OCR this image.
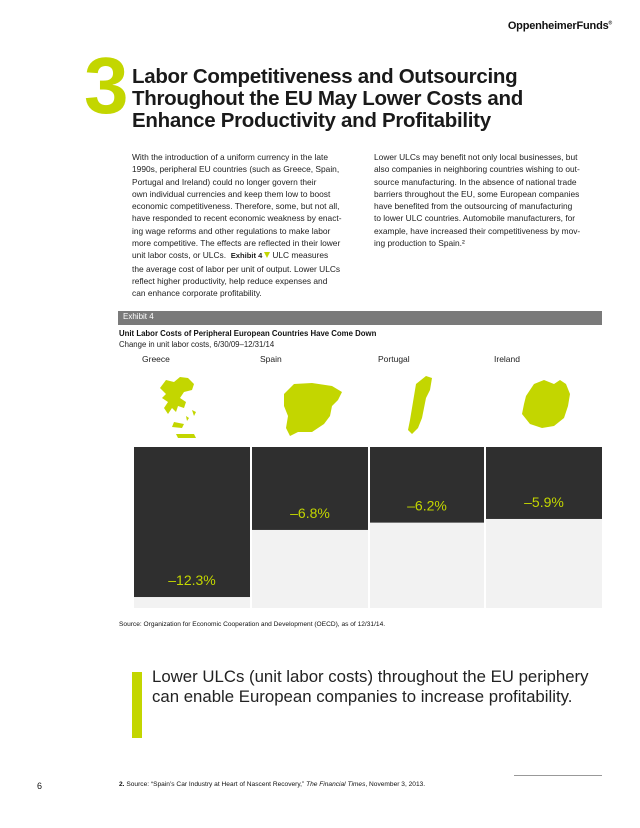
OppenheimerFunds®
3 Labor Competitiveness and Outsourcing Throughout the EU May Lower Costs and Enhance Productivity and Profitability
With the introduction of a uniform currency in the late
1990s, peripheral EU countries (such as Greece, Spain,
Portugal and Ireland) could no longer govern their
own individual currencies and keep them low to boost
economic competitiveness. Therefore, some, but not all,
have responded to recent economic weakness by enact-
ing wage reforms and other regulations to make labor
more competitive. The effects are reflected in their lower
unit labor costs, or ULCs. Exhibit 4 ULC measures
the average cost of labor per unit of output. Lower ULCs
reflect higher productivity, help reduce expenses and
can enhance corporate profitability.
Lower ULCs may benefit not only local businesses, but
also companies in neighboring countries wishing to out-
source manufacturing. In the absence of national trade
barriers throughout the EU, some European companies
have benefited from the outsourcing of manufacturing
to lower ULC countries. Automobile manufacturers, for
example, have increased their competitiveness by mov-
ing production to Spain.²
Exhibit 4
Unit Labor Costs of Peripheral European Countries Have Come Down
Change in unit labor costs, 6/30/09–12/31/14
Greece
–12.3%
Spain
–6.8%
Portugal
–6.2%
Ireland
–5.9%
Source: Organization for Economic Cooperation and Development (OECD), as of 12/31/14.
Lower ULCs (unit labor costs) throughout the EU periphery can enable European companies to increase profitability.
2. Source: “Spain’s Car Industry at Heart of Nascent Recovery,” The Financial Times, November 3, 2013.
6
